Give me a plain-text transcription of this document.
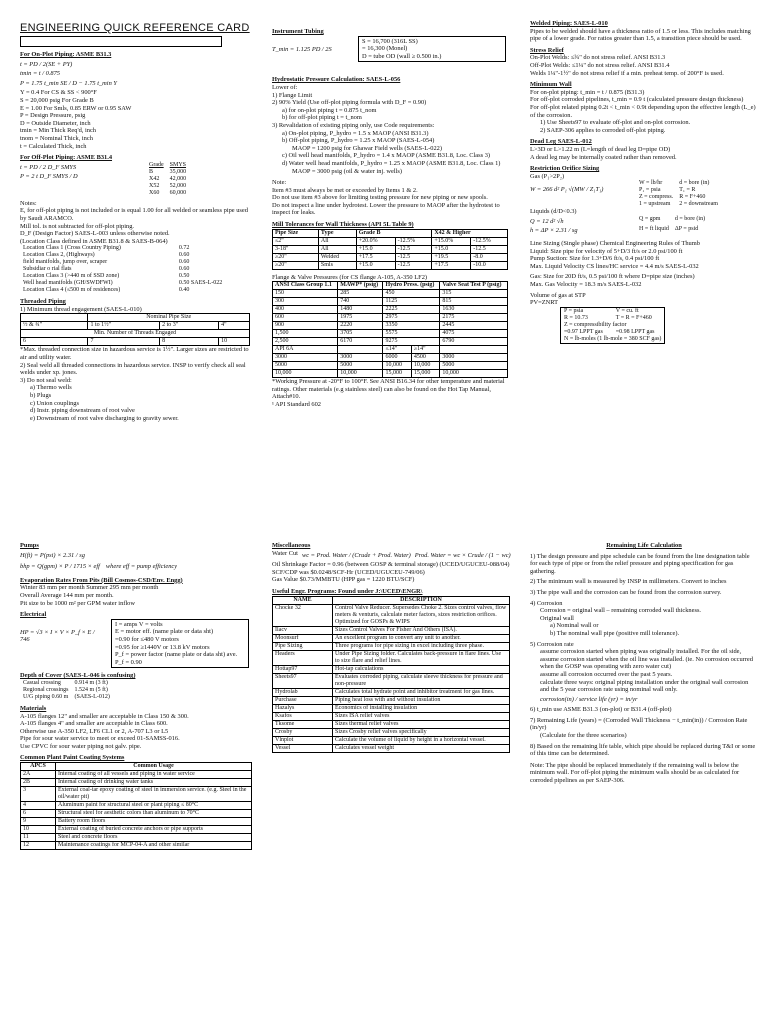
ENGINEERING QUICK REFERENCE CARD
For On-Plot Piping: ASME B31.3
t = PD / 2(SE + PY)
tmin = t / 0.875
P = 1.75 t_min SE / D − 1.75 t_min Y
Y = 0.4 For CS & SS < 900°F
S = 20,000 psig For Grade B
E = 1.00 For Smls, 0.85 ERW or 0.95 SAW
P = Design Pressure, psig
D = Outside Diameter, inch
tmin = Min Thick Req'd, inch
tnom = Nominal Thick, inch
t = Calculated Thick, inch
For Off-Plot Piping: ASME B31.4
t = PD / 2 D_F SMYS
P = 2 t D_F SMYS / D
Grade	SMYS
B	35,000
X42	42,000
X52	52,000
X60	60,000
Notes:
E, for off-plot piping is not included or is equal 1.00 for all welded or seamless pipe used by Saudi ARAMCO.
Mill tol. is not subtracted for off-plot piping.
D_F (Design Factor) SAES-L-003 unless otherwise noted.
(Location Class defined in ASME B31.8 & SAES-B-064)
Location Class 1 (Cross Country Piping)	0.72
Location Class 2, (Highways)	0.60
field manifolds, jump over, scraper	0.60
Subsidiar o rial flats	0.60
Location Class 3 (>440 m of SSD zone)	0.50
Well head manifolds (GH/SWDFWI)	0.50 SAES-L-022
Location Class 4 (≤500 m of residences)	0.40
Threaded Piping
1) Minimum thread engagement (SAES-L-010)
	Nominal Pipe Size		
½ & ¾"	1 to 1½"	2 to 3"	4"
Min. Number of Threads Engaged			
6	7	8	10
*Max. threaded connection size in hazardous service is 1½". Larger sizes are restricted to air and utility water.
2) Seal weld all threaded connections in hazardous service. INSP to verify check all seal welds under xp. jones.
3) Do not seal weld:
a) Thermo wells
b) Plugs
c) Union couplings
d) Instr. piping downstream of root valve
e) Downstream of root valve discharging to gravity sewer.
Instrument Tubing
T_min = 1.125 PD / 2S
S = 16,700 (316L SS)
= 16,300 (Monel)
D = tube OD (wall ≥ 0.500 in.)
Hydrostatic Pressure Calculation: SAES-L-056
Lower of:
1) Flange Limit
2) 90% Yield (Use off-plot piping formula with D_F = 0.90)
a) for on-plot piping t = 0.875 t_nom
b) for off-plot piping t = t_nom
3) Revalidation of existing piping only, use Code requirements:
a) On-plot piping, P_hydro = 1.5 x MAOP (ANSI B31.3)
b) Off-plot piping, P_hydro = 1.25 x MAOP (SAES-L-054)
MAOP = 1200 psig for Ghawar Field wells (SAES-L-022)
c) Oil well head manifolds, P_hydro = 1.4 x MAOP (ASME B31.8, Loc. Class 3)
d) Water well head manifolds, P_hydro = 1.25 x MAOP (ASME B31.8, Loc. Class 1)
MAOP = 3000 psig (oil & water inj. wells)
Note:
Item #3 must always be met or exceeded by Items 1 & 2.
Do not use item #3 above for limiting testing pressure for new piping or new spools.
Do not inspect a line under hydrotest. Lower the pressure to MAOP after the hydrotest to inspect for leaks.
Mill Tolerances for Wall Thickness (API 5L Table 9)
Pipe Size	Type	Grade B		X42 & Higher	
≤2"	All	+20.0%	-12.5%	+15.0%	-12.5%
3-18"	All	+15.0	-12.5	+15.0	-12.5
≥20"	Welded	+17.5	-12.5	+19.5	-8.0
≥20"	Smls	+15.0	-12.5	+17.5	-10.0
Flange & Valve Pressures (for CS flange A-105, A-350 LF2)
ANSI Class Group 1.1	MAWP* (psig)	Hydro Press. (psig)		Valve Seat Test P (psig)
150	285	450		315
300	740	1125		815
400	1480	2225		1630
600	1975	2975		2175
900	2220	3350		2445
1,500	3705	5575		4075
2,500	6170	9275		6790
API 6A		≤14"	≥14"	
3000	3000	6000	4500	3000
5000	5000	10,000	10,000	5000
10,000	10,000	15,000	15,000	10,000
*Working Pressure at -20°F to 100°F. See ANSI B16.34 for other temperature and material ratings. Other materials (e.g stainless steel) can also be found on the Hot Tap Manual, Attach#10.
¹ API Standard 602
Welded Piping: SAES-L-010
Pipes to be welded should have a thickness ratio of 1.5 or less. This includes matching pipe of a lower grade. For ratios greater than 1.5, a transition piece should be used.
Stress Relief
On-Plot Welds: ≤¾" do not stress relief. ANSI B31.3
Off-Plot Welds: ≤1¼" do not stress relief. ANSI B31.4
Welds 1¼"-1½" do not stress relief if a min. preheat temp. of 200°F is used.
Minimum Wall
For on-plot piping: t_min = t / 0.875 (B31.3)
For off-plot corroded pipelines, t_min = 0.9 t (calculated pressure design thickness)
For off-plot related piping 0.2t < t_min < 0.9t depending upon the effective length (L_e) of the corrosion.
1) Use Sheets97 to evaluate off-plot and on-plot corrosion.
2) SAEP-306 applies to corroded off-plot piping.
Dead Leg SAES-L-012
L>3D or L>1.22 m (L=length of dead leg D=pipe OD)
A dead leg may be internally coated rather than removed.
Restriction Orifice Sizing
Gas (P₁>2P₂)
W = 266 d² P₁ √(MW / Z₁T₁)
W = lb/hr	d = bore (in)
P₁ = psia	T₁ = R
Z = compress.	R = F+460
1 = upstream	2 = downstream
Liquids (d/D<0.3)
Q = 12 d² √h
h = ΔP × 2.31 / sg
Q = gpm	d = bore (in)
H = ft liquid	ΔP = psid
Line Sizing (Single phase) Chemical Engineering Rules of Thumb
Liquid: Size pipe for velocity of 5+D/3 ft/s or 2.0 psi/100 ft
Pump Suction: Size for 1.3+D/6 ft/s, 0.4 psi/100 ft
Max. Liquid Velocity CS lines/HC service = 4.4 m/s SAES-L-032
Gas: Size for 20D ft/s, 0.5 psi/100 ft where D=pipe size (inches)
Max. Gas Velocity = 18.3 m/s SAES-L-032
Volume of gas at STP
PV=ZNRT
P = psia	V = cu. ft
R = 10.73	T = R = F+460
Z = compressibility factor	
=0.97 LPPT gas	=0.98 LPPT gas
N = lb-moles (1 lb-mole = 380 SCF gas)	
Pumps
H(ft) = P(psi) × 2.31 / sg
bhp = Q(gpm) × P / 1715 × eff where eff = pump efficiency
Evaporation Rates From Pits (Bill Cosmos-CSD/Env. Engg)
Winter 83 mm per month Summer 295 mm per month
Overall Average 144 mm per month.
Pit size to be 1000 m² per GPM water inflow
Electrical
HP = √3 × I × V × P_f × E / 746
I = amps V = volts
E = motor eff. (name plate or data sht)
=0.90 for ≤480 V motors
=0.95 for ≥1440V or 13.8 kV motors
P_f = power factor (name plate or data sht) ave. P_f = 0.90
Depth of Cover (SAES-L-046 is confusing)
Casual crossing	0.914 m (3 ft)
Regional crossings	1.524 m (5 ft)
U/G piping 0.60 m	(SAES-L-012)
Materials
A-105 flanges 12" and smaller are acceptable in Class 150 & 300.
A-105 flanges 4" and smaller are acceptable in Class 600.
Otherwise use A-350 LF2, LF6 CL1 or 2, A-707 L3 or L5
Pipe for sour water service to meet or exceed 01-SAMSS-016.
Use CPVC for sour water piping not galv. pipe.
Common Plant Paint Coating Systems
APCS	Common Usage
2A	Internal coating of all vessels and piping in water service
2B	Internal coating of drinking water tanks
3	External coal-tar epoxy coating of steel in immersion service. (e.g. Steel in the oil/water pit)
4	Aluminum paint for structural steel or plant piping ≤ 80°C
6	Structural steel for aesthetic colors than aluminum to 70°C
9	Battery room floors
10	External coating of buried concrete anchors or pipe supports
11	Steel and concrete floors
12	Maintenance coatings for MCP-04-A and other similar
Miscellaneous
Water Cut wc = Prod. Water / (Crude + Prod. Water) Prod. Water = wc × Crude / (1 − wc)
Oil Shrinkage Factor = 0.96 (between GOSP & terminal storage) (UCED/UGUCEU-088/04)
SCF/CDP was $0.0248/SCF-Hr (UCED/UGUCEU-749/06)
Gas Value $0.73/MMBTU (HPP gas = 1220 BTU/SCF)
Useful Engr. Programs: Found under J:\UCED\ENGR\
NAME	DESCRIPTION
Chocke 32	Control Valve Reducer. Supersedes Choke 2. Sizes control valves, flow meters & venturis, calculate meter factors, sizes restriction orifices. Optimized for GOSPs & WIPS
Ilacv	Sizes Control Valves For Fisher And Others (ISA).
Moonsurf	An excellent program to convert any unit to another.
Pipe Sizing	Three programs for pipe sizing in excel including three phase.
Headers	Under Pipe Sizing folder. Calculates back-pressure in flare lines. Use to size flare and relief lines.
Hottap97	Hot-tap calculations
Sheets97	Evaluates corroded piping, calculate sleeve thickness for pressure and non-pressure
Hydrolab	Calculates total hydrate point and inhibitor treatment for gas lines.
Purchase	Piping heat loss with and without insulation
Hazalys	Economics of installing insulation
Ksafos	Sizes ISA relief valves
Tksome	Sizes thermal relief valves
Crosby	Sizes Crosby relief valves specifically
Vlnplot	Calculate the volume of liquid by height in a horizontal vessel.
Vessel	Calculates vessel weight
Remaining Life Calculation
1) The design pressure and pipe schedule can be found from the line designation table for each type of pipe or from the relief pressure and piping specification for gas gathering.
2) The minimum wall is measured by INSP in millimeters. Convert to inches
3) The pipe wall and the corrosion can be found from the corrosion survey.
4) Corrosion
Corrosion = original wall – remaining corroded wall thickness.
Original wall
a) Nominal wall or
b) The nominal wall pipe (positive mill tolerance).
5) Corrosion rate
assume corrosion started when piping was originally installed. For the oil side, assume corrosion started when the oil line was installed. (ie. No corrosion occurred when the GOSP was operating with zero water cut)
assume all corrosion occurred over the past 5 years.
calculate three ways: original piping installation under the original wall corrosion and the 5 year corrosion rate using nominal wall only.
corrosion(in) / service life (yr) = in/yr
6) t_min use ASME B31.3 (on-plot) or B31.4 (off-plot)
7) Remaining Life (years) = (Corroded Wall Thickness − t_min(in)) / Corrosion Rate (in/yr)
(Calculate for the three scenarios)
8) Based on the remaining life table, which pipe should be replaced during T&I or some of this time can be determined.
Note: The pipe should be replaced immediately if the remaining wall is below the minimum wall. For off-plot piping the minimum walls should be as calculated for corroded pipelines as per SAEP-306.
